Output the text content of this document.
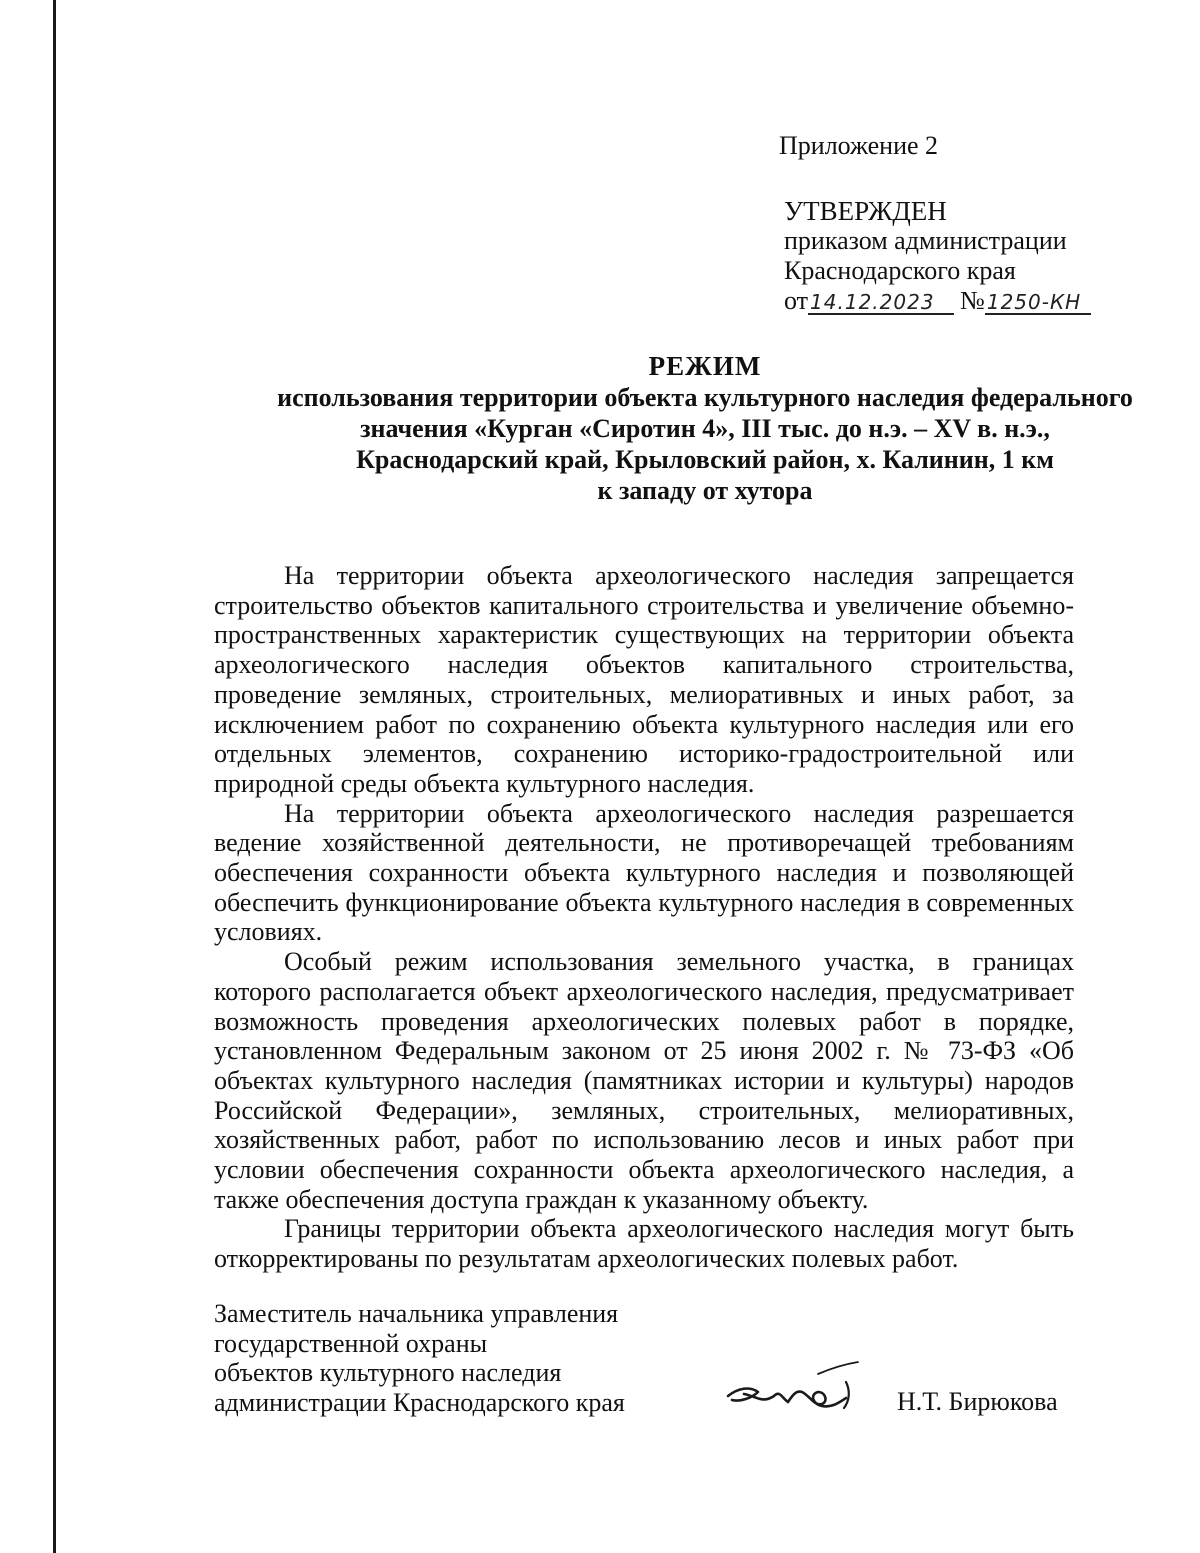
Приложение 2
УТВЕРЖДЕН
приказом администрации
Краснодарского края
от 14.12.2023 № 1250-КН
РЕЖИМ
использования территории объекта культурного наследия федерального
значения «Курган «Сиротин 4», III тыс. до н.э. – XV в. н.э.,
Краснодарский край, Крыловский район, х. Калинин, 1 км
к западу от хутора

На территории объекта археологического наследия запрещается строительство объектов капитального строительства и увеличение объемно-пространственных характеристик существующих на территории объекта археологического наследия объектов капитального строительства, проведение земляных, строительных, мелиоративных и иных работ, за исключением работ по сохранению объекта культурного наследия или его отдельных элементов, сохранению историко-градостроительной или природной среды объекта культурного наследия.

На территории объекта археологического наследия разрешается ведение хозяйственной деятельности, не противоречащей требованиям обеспечения сохранности объекта культурного наследия и позволяющей обеспечить функционирование объекта культурного наследия в современных условиях.

Особый режим использования земельного участка, в границах которого располагается объект археологического наследия, предусматривает возможность проведения археологических полевых работ в порядке, установленном Федеральным законом от 25 июня 2002 г. № 73-ФЗ «Об объектах культурного наследия (памятниках истории и культуры) народов Российской Федерации», земляных, строительных, мелиоративных, хозяйственных работ, работ по использованию лесов и иных работ при условии обеспечения сохранности объекта археологического наследия, а также обеспечения доступа граждан к указанному объекту.

Границы территории объекта археологического наследия могут быть откорректированы по результатам археологических полевых работ.

Заместитель начальника управления
государственной охраны
объектов культурного наследия
администрации Краснодарского края	Н.Т. Бирюкова
